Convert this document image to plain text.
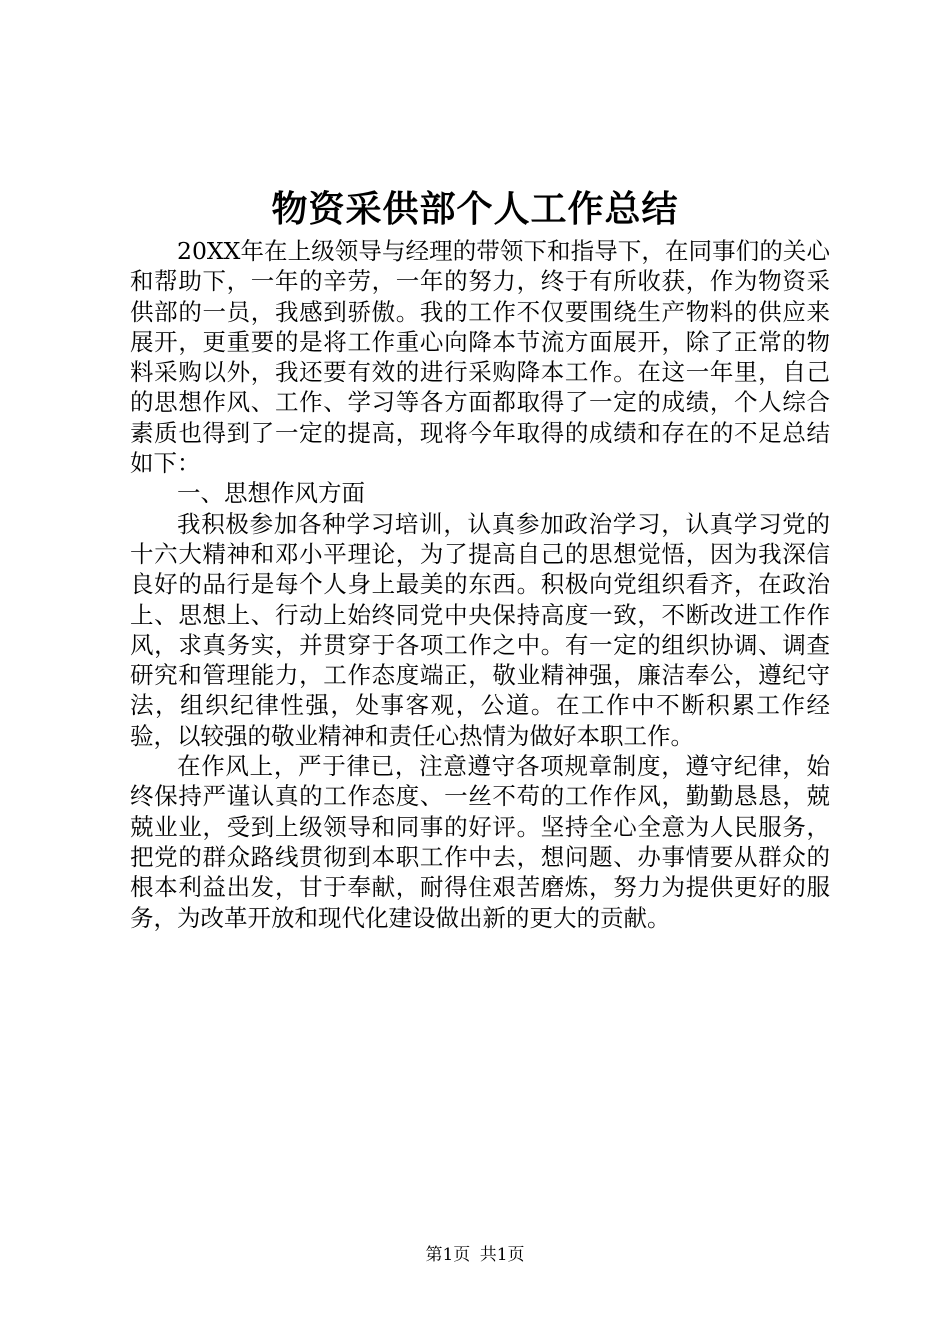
物资采供部个人工作总结

20XX年在上级领导与经理的带领下和指导下，在同事们的关心和帮助下，一年的辛劳，一年的努力，终于有所收获，作为物资采供部的一员，我感到骄傲。我的工作不仅要围绕生产物料的供应来展开，更重要的是将工作重心向降本节流方面展开，除了正常的物料采购以外，我还要有效的进行采购降本工作。在这一年里，自己的思想作风、工作、学习等各方面都取得了一定的成绩，个人综合素质也得到了一定的提高，现将今年取得的成绩和存在的不足总结如下：

一、思想作风方面

我积极参加各种学习培训，认真参加政治学习，认真学习党的十六大精神和邓小平理论，为了提高自己的思想觉悟，因为我深信良好的品行是每个人身上最美的东西。积极向党组织看齐，在政治上、思想上、行动上始终同党中央保持高度一致，不断改进工作作风，求真务实，并贯穿于各项工作之中。有一定的组织协调、调查研究和管理能力，工作态度端正，敬业精神强，廉洁奉公，遵纪守法，组织纪律性强，处事客观，公道。在工作中不断积累工作经验，以较强的敬业精神和责任心热情为做好本职工作。

在作风上，严于律已，注意遵守各项规章制度，遵守纪律，始终保持严谨认真的工作态度、一丝不苟的工作作风，勤勤恳恳，兢兢业业，受到上级领导和同事的好评。坚持全心全意为人民服务，把党的群众路线贯彻到本职工作中去，想问题、办事情要从群众的根本利益出发，甘于奉献，耐得住艰苦磨炼，努力为提供更好的服务，为改革开放和现代化建设做出新的更大的贡献。

第1页 共1页
